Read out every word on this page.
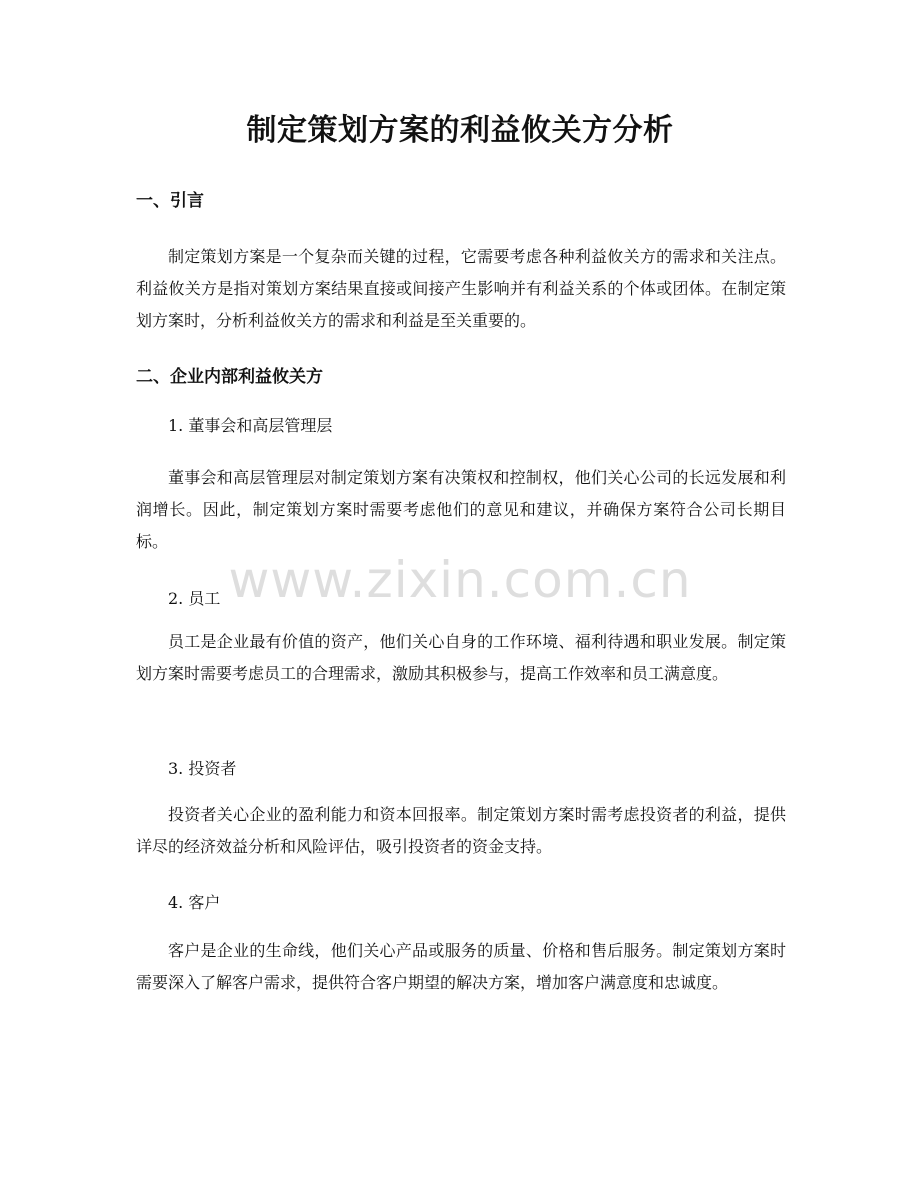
制定策划方案的利益攸关方分析
一、引言

制定策划方案是一个复杂而关键的过程，它需要考虑各种利益攸关方的需求和关注点。利益攸关方是指对策划方案结果直接或间接产生影响并有利益关系的个体或团体。在制定策划方案时，分析利益攸关方的需求和利益是至关重要的。

二、企业内部利益攸关方

1. 董事会和高层管理层

董事会和高层管理层对制定策划方案有决策权和控制权，他们关心公司的长远发展和利润增长。因此，制定策划方案时需要考虑他们的意见和建议，并确保方案符合公司长期目标。

2. 员工

员工是企业最有价值的资产，他们关心自身的工作环境、福利待遇和职业发展。制定策划方案时需要考虑员工的合理需求，激励其积极参与，提高工作效率和员工满意度。

3. 投资者

投资者关心企业的盈利能力和资本回报率。制定策划方案时需考虑投资者的利益，提供详尽的经济效益分析和风险评估，吸引投资者的资金支持。

4. 客户

客户是企业的生命线，他们关心产品或服务的质量、价格和售后服务。制定策划方案时需要深入了解客户需求，提供符合客户期望的解决方案，增加客户满意度和忠诚度。

www.zixin.com.cn
